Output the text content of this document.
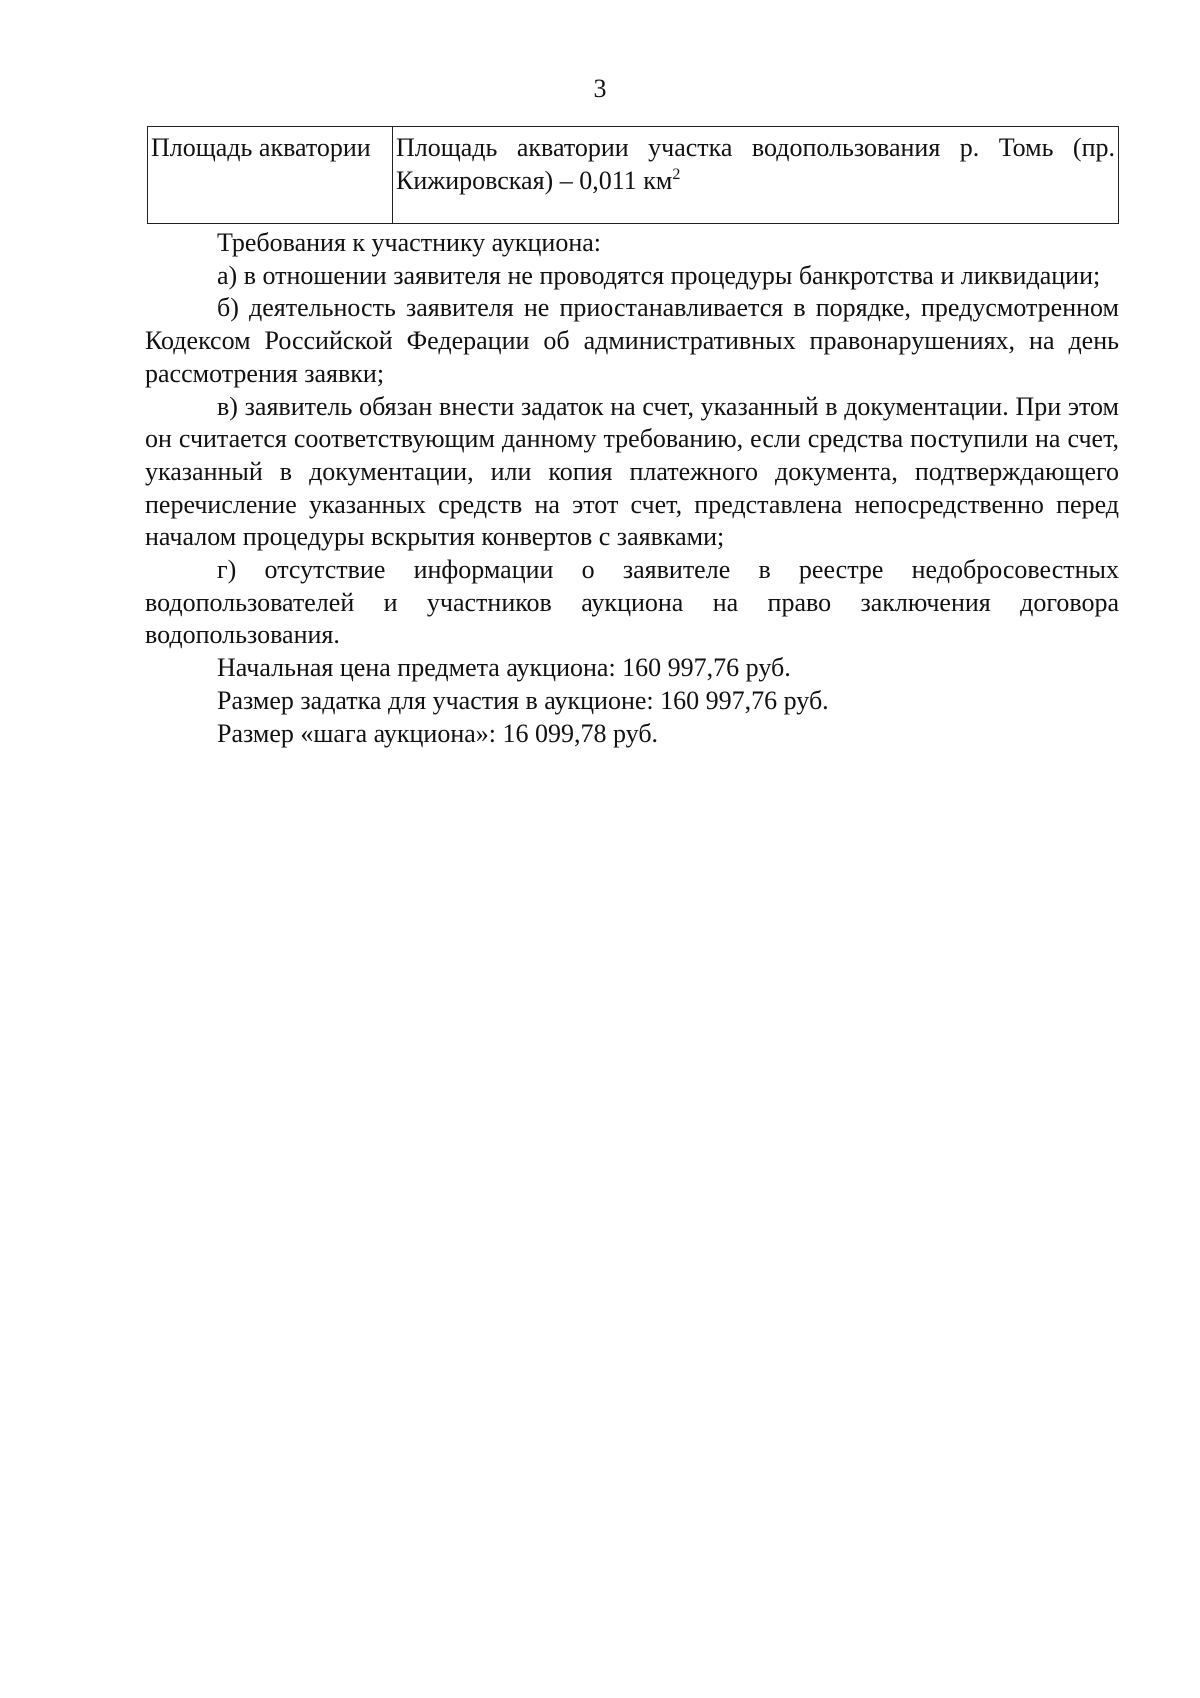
3
Площадь акватории	Площадь акватории участка водопользования р. Томь (пр. Кижировская) – 0,011 $км^2$

Требования к участнику аукциона:

а) в отношении заявителя не проводятся процедуры банкротства и ликвидации;

б) деятельность заявителя не приостанавливается в порядке, предусмотренном Кодексом Российской Федерации об административных правонарушениях, на день рассмотрения заявки;

в) заявитель обязан внести задаток на счет, указанный в документации. При этом он считается соответствующим данному требованию, если средства поступили на счет, указанный в документации, или копия платежного документа, подтверждающего перечисление указанных средств на этот счет, представлена непосредственно перед началом процедуры вскрытия конвертов с заявками;

г) отсутствие информации о заявителе в реестре недобросовестных водопользователей и участников аукциона на право заключения договора водопользования.

Начальная цена предмета аукциона: 160 997,76 руб.

Размер задатка для участия в аукционе: 160 997,76 руб.

Размер «шага аукциона»: 16 099,78 руб.
